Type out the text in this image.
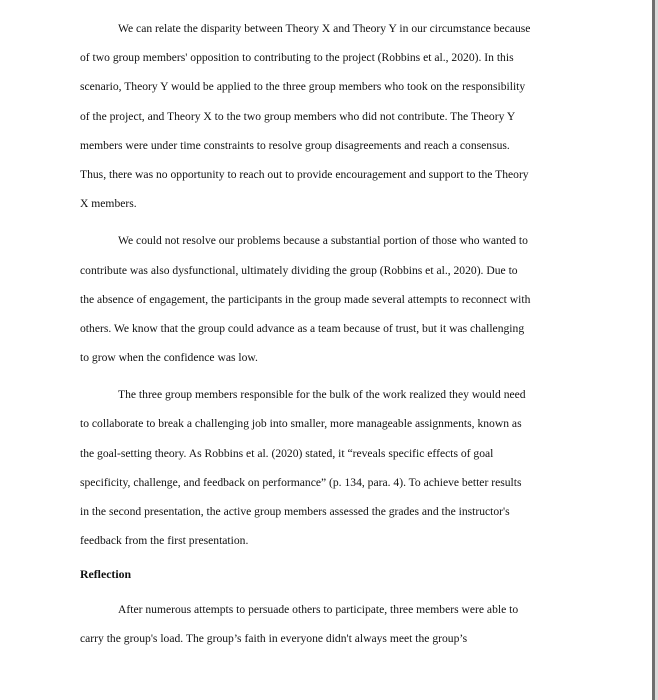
We can relate the disparity between Theory X and Theory Y in our circumstance because
of two group members' opposition to contributing to the project (Robbins et al., 2020). In this
scenario, Theory Y would be applied to the three group members who took on the responsibility
of the project, and Theory X to the two group members who did not contribute. The Theory Y
members were under time constraints to resolve group disagreements and reach a consensus.
Thus, there was no opportunity to reach out to provide encouragement and support to the Theory
X members.
We could not resolve our problems because a substantial portion of those who wanted to
contribute was also dysfunctional, ultimately dividing the group (Robbins et al., 2020). Due to
the absence of engagement, the participants in the group made several attempts to reconnect with
others. We know that the group could advance as a team because of trust, but it was challenging
to grow when the confidence was low.
The three group members responsible for the bulk of the work realized they would need
to collaborate to break a challenging job into smaller, more manageable assignments, known as
the goal-setting theory. As Robbins et al. (2020) stated, it “reveals specific effects of goal
specificity, challenge, and feedback on performance” (p. 134, para. 4). To achieve better results
in the second presentation, the active group members assessed the grades and the instructor's
feedback from the first presentation.
Reflection
After numerous attempts to persuade others to participate, three members were able to
carry the group's load. The group’s faith in everyone didn't always meet the group’s
